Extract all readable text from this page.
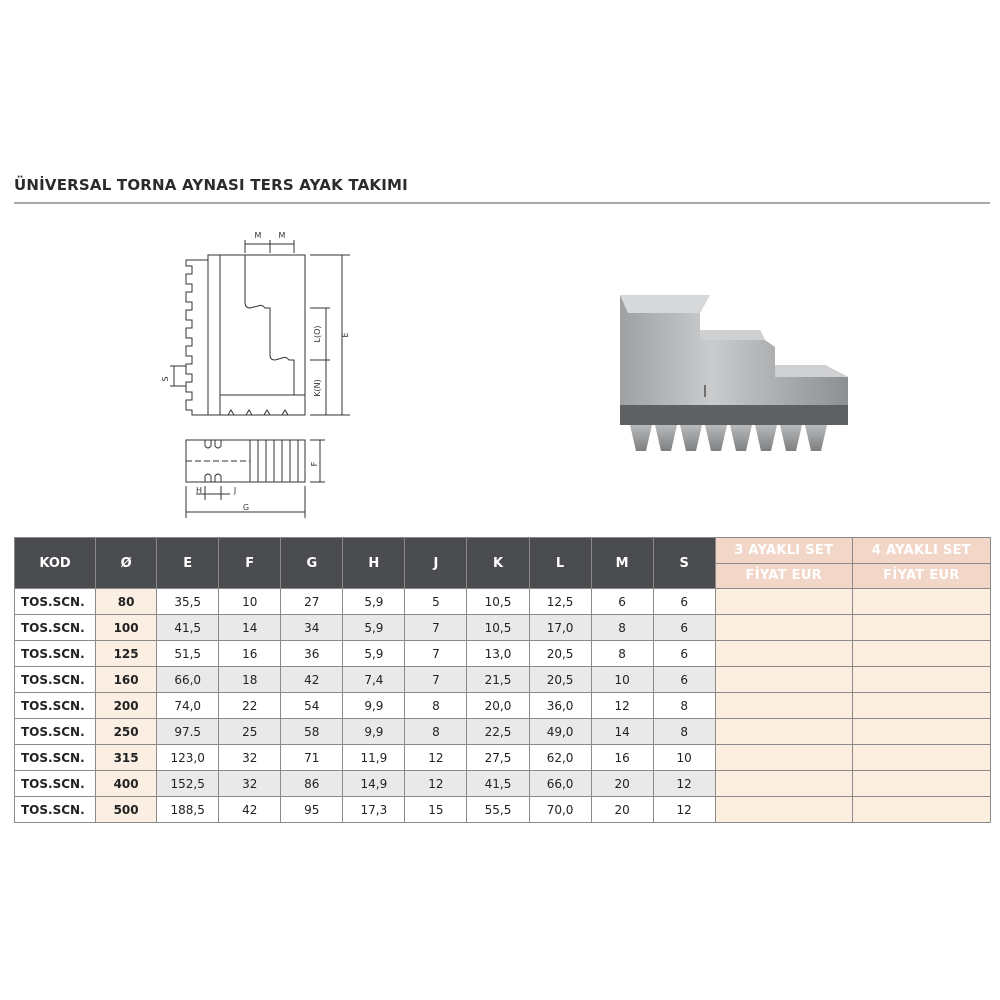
ÜNİVERSAL TORNA AYNASI TERS AYAK TAKIMI
M M
E
L(O)
K(N)
S
F
H	J
G
KOD	Ø	E	F	G	H	J	K	L	M	S	3 AYAKLI SET	4 AYAKLI SET
											FİYAT EUR	FİYAT EUR
TOS.SCN.	80	35,5	10	27	5,9	5	10,5	12,5	6	6		
TOS.SCN.	100	41,5	14	34	5,9	7	10,5	17,0	8	6		
TOS.SCN.	125	51,5	16	36	5,9	7	13,0	20,5	8	6		
TOS.SCN.	160	66,0	18	42	7,4	7	21,5	20,5	10	6		
TOS.SCN.	200	74,0	22	54	9,9	8	20,0	36,0	12	8		
TOS.SCN.	250	97.5	25	58	9,9	8	22,5	49,0	14	8		
TOS.SCN.	315	123,0	32	71	11,9	12	27,5	62,0	16	10		
TOS.SCN.	400	152,5	32	86	14,9	12	41,5	66,0	20	12		
TOS.SCN.	500	188,5	42	95	17,3	15	55,5	70,0	20	12		
